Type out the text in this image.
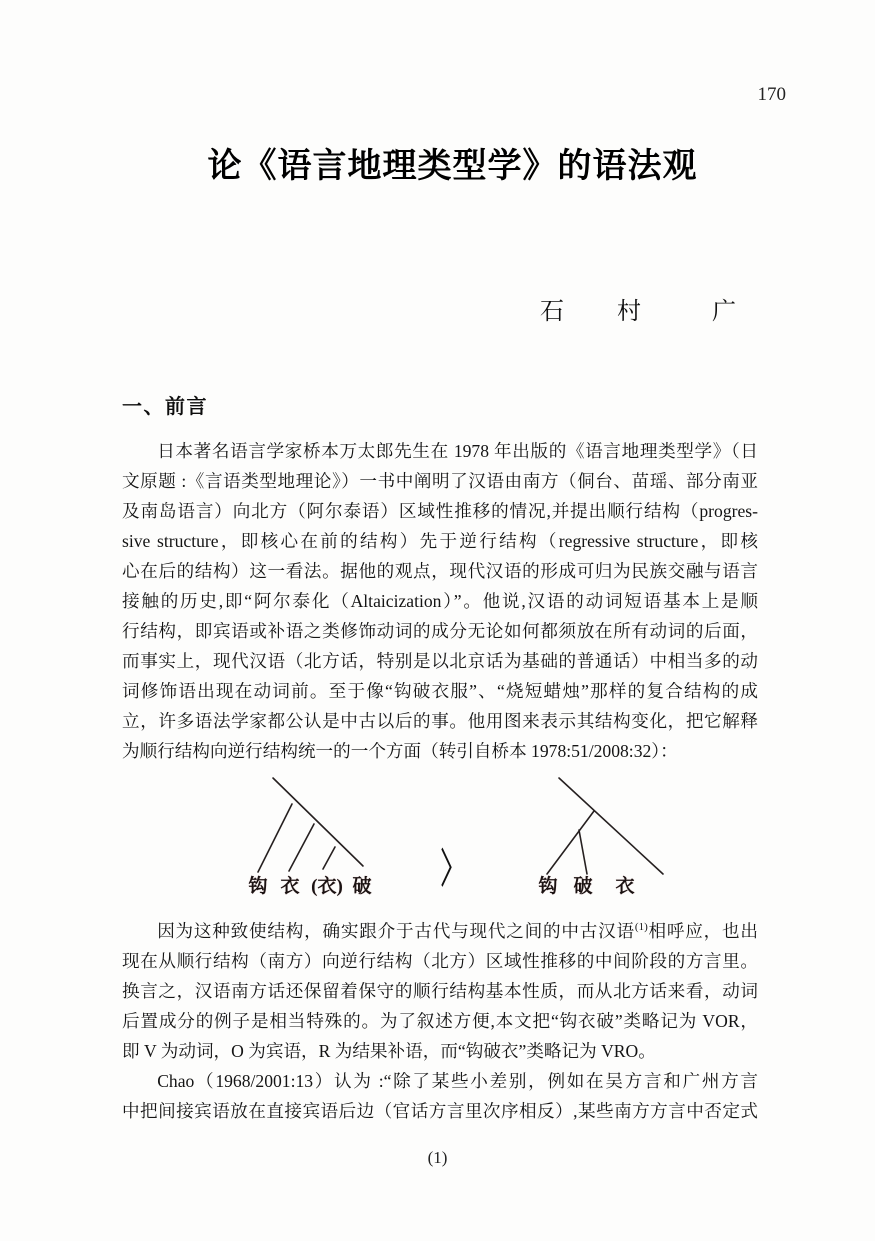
170
论《语言地理类型学》的语法观
石 村	广
一、前言
日本著名语言学家桥本万太郎先生在 1978 年出版的《语言地理类型学》（日
文原题 :《言语类型地理论》）一书中阐明了汉语由南方（侗台、苗瑶、部分南亚
及南岛语言）向北方（阿尔泰语）区域性推移的情况,并提出顺行结构（progres-
sive structure，即核心在前的结构）先于逆行结构（regressive structure，即核
心在后的结构）这一看法。据他的观点，现代汉语的形成可归为民族交融与语言
接触的历史,即“阿尔泰化（Altaicization）”。他说,汉语的动词短语基本上是顺
行结构，即宾语或补语之类修饰动词的成分无论如何都须放在所有动词的后面，
而事实上，现代汉语（北方话，特别是以北京话为基础的普通话）中相当多的动
词修饰语出现在动词前。至于像“钩破衣服”、“烧短蜡烛”那样的复合结构的成
立，许多语法学家都公认是中古以后的事。他用图来表示其结构变化，把它解释
为顺行结构向逆行结构统一的一个方面（转引自桥本 1978:51/2008:32）：
〉
钩 衣 (衣) 破	钩 破 衣
因为这种致使结构，确实跟介于古代与现代之间的中古汉语$^{(1)}$相呼应，也出
现在从顺行结构（南方）向逆行结构（北方）区域性推移的中间阶段的方言里。
换言之，汉语南方话还保留着保守的顺行结构基本性质，而从北方话来看，动词
后置成分的例子是相当特殊的。为了叙述方便,本文把“钩衣破”类略记为 VOR，
即 V 为动词，O 为宾语，R 为结果补语，而“钩破衣”类略记为 VRO。
Chao（1968/2001:13）认为 :“除了某些小差别，例如在吴方言和广州方言
中把间接宾语放在直接宾语后边（官话方言里次序相反）,某些南方方言中否定式
(1)
